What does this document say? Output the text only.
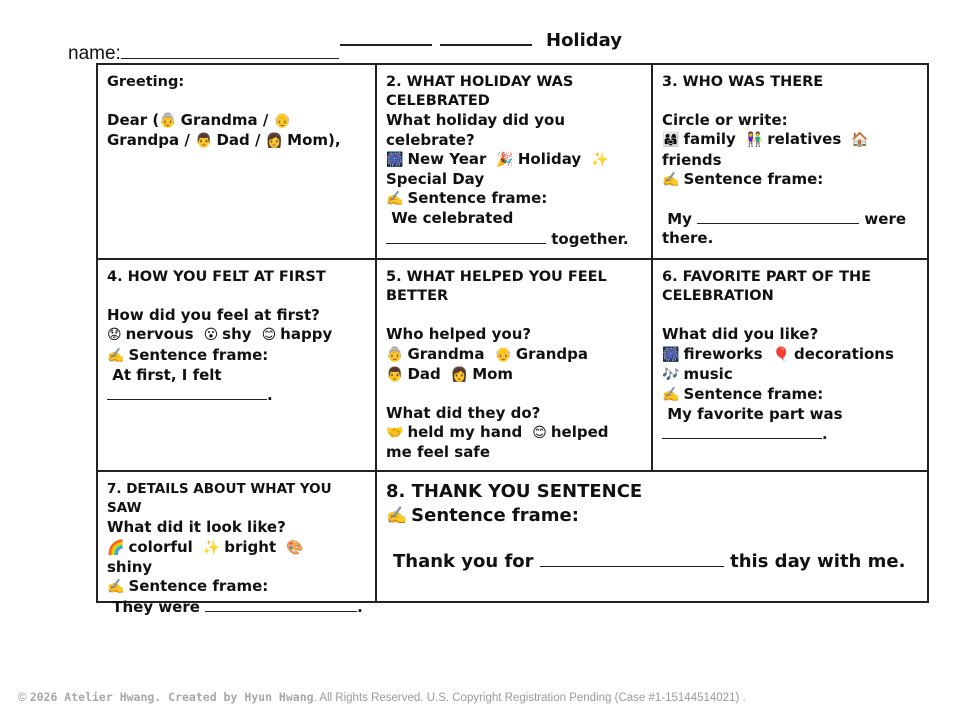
name:
Holiday
Greeting:
Dear (👵 Grandma / 👴
Grandpa / 👨 Dad / 👩 Mom),
2. WHAT HOLIDAY WAS
CELEBRATED
What holiday did you
celebrate?
🎆 New Year 🎉 Holiday ✨
Special Day
✍️ Sentence frame:
We celebrated
together.
3. WHO WAS THERE
Circle or write:
👨‍👩‍👧 family 👫 relatives 🏠
friends
✍️ Sentence frame:
My	were
there.
4. HOW YOU FELT AT FIRST
How did you feel at first?
😟 nervous 😮 shy 😊 happy
✍️ Sentence frame:
At first, I felt
.
5. WHAT HELPED YOU FEEL
BETTER
Who helped you?
👵 Grandma 👴 Grandpa
👨 Dad 👩 Mom
What did they do?
🤝 held my hand 😊 helped
me feel safe
6. FAVORITE PART OF THE
CELEBRATION
What did you like?
🎆 fireworks 🎈 decorations
🎶 music
✍️ Sentence frame:
My favorite part was
.
7. DETAILS ABOUT WHAT YOU SAW
What did it look like?
🌈 colorful ✨ bright 🎨
shiny
✍️ Sentence frame:
They were	.
8. THANK YOU SENTENCE
✍️ Sentence frame:
Thank you for	this day with me.
© 2026 Atelier Hwang. Created by Hyun Hwang. All Rights Reserved. U.S. Copyright Registration Pending (Case #1-15144514021) .
